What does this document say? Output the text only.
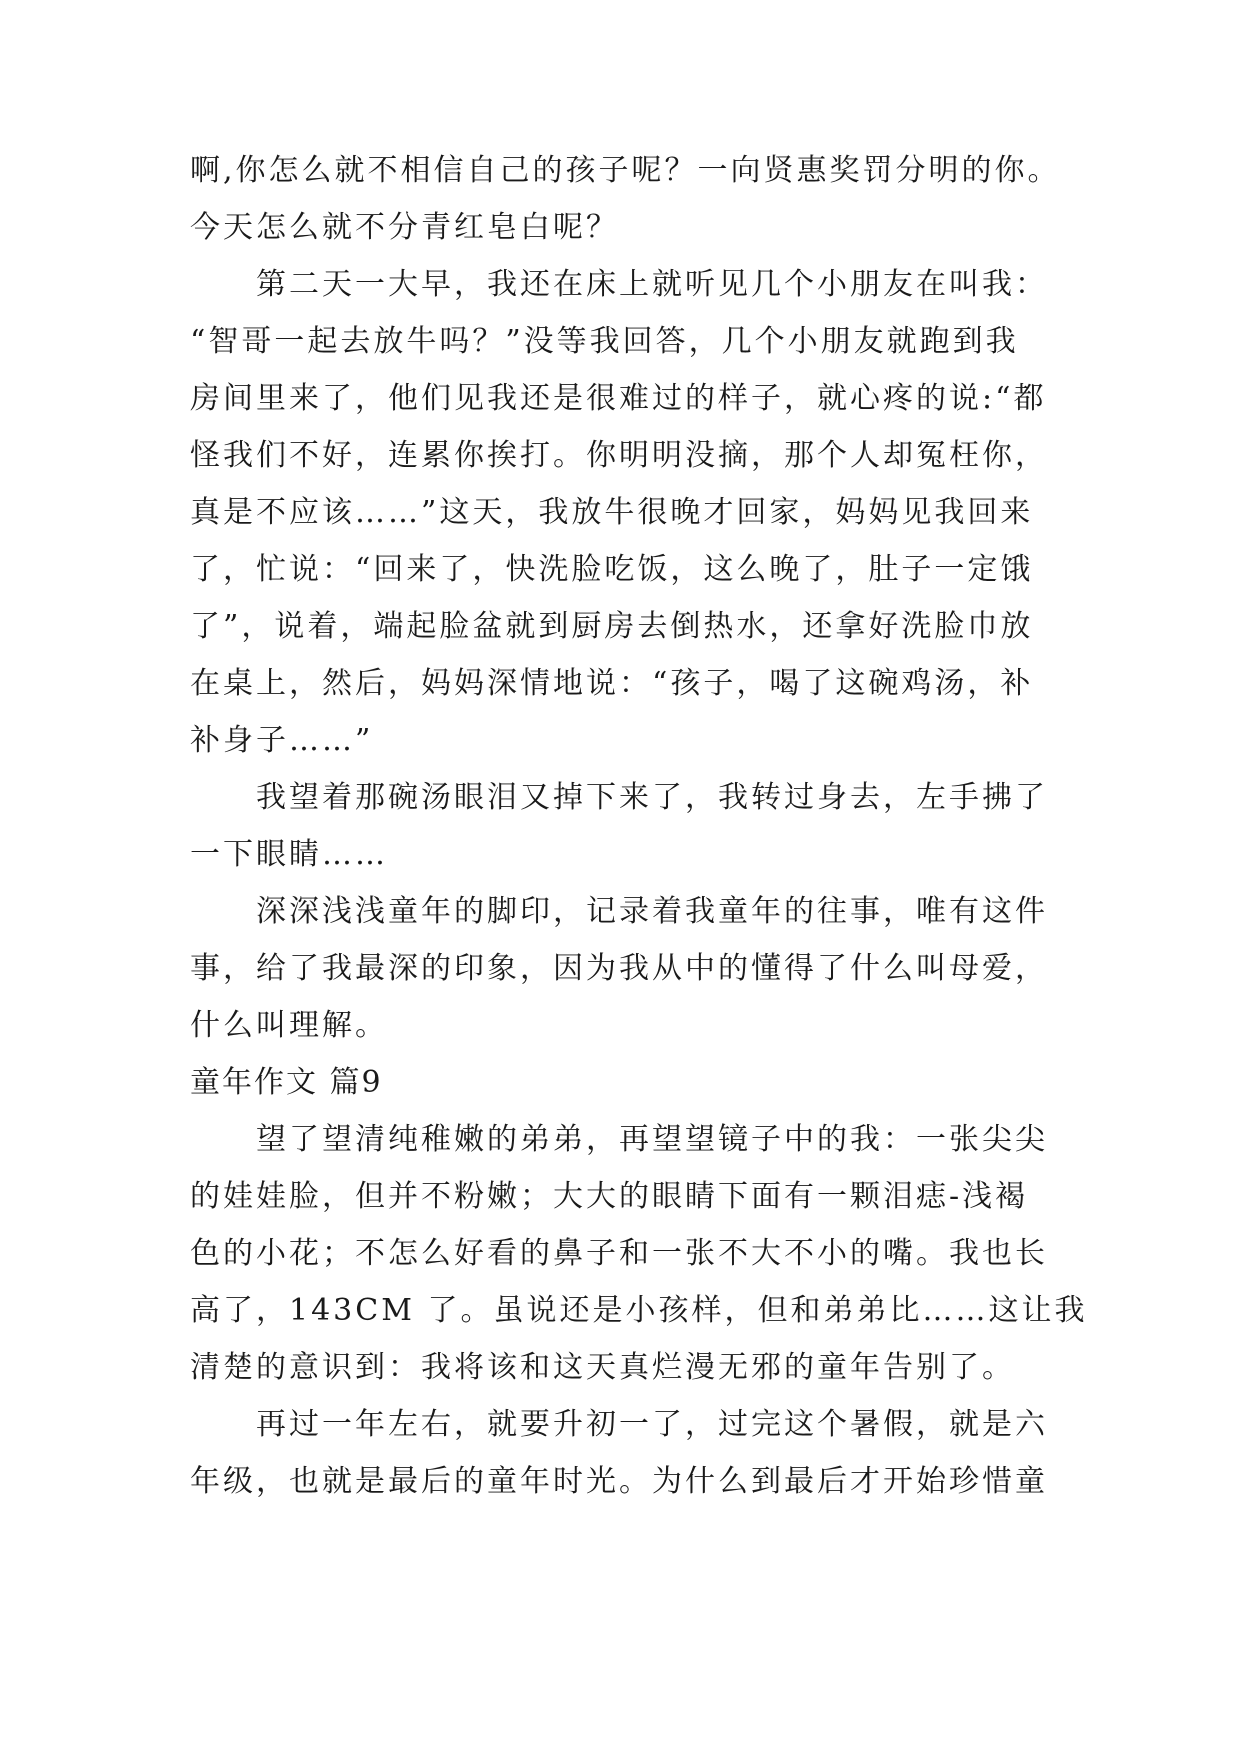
啊,你怎么就不相信自己的孩子呢？一向贤惠奖罚分明的你。
今天怎么就不分青红皂白呢？
第二天一大早，我还在床上就听见几个小朋友在叫我：
“智哥一起去放牛吗？”没等我回答，几个小朋友就跑到我
房间里来了，他们见我还是很难过的样子，就心疼的说:“都
怪我们不好，连累你挨打。你明明没摘，那个人却冤枉你，
真是不应该……”这天，我放牛很晚才回家，妈妈见我回来
了，忙说：“回来了，快洗脸吃饭，这么晚了，肚子一定饿
了”，说着，端起脸盆就到厨房去倒热水，还拿好洗脸巾放
在桌上，然后，妈妈深情地说：“孩子，喝了这碗鸡汤，补
补身子……”
我望着那碗汤眼泪又掉下来了，我转过身去，左手拂了
一下眼睛……
深深浅浅童年的脚印，记录着我童年的往事，唯有这件
事，给了我最深的印象，因为我从中的懂得了什么叫母爱，
什么叫理解。
童年作文 篇9
望了望清纯稚嫩的弟弟，再望望镜子中的我：一张尖尖
的娃娃脸，但并不粉嫩；大大的眼睛下面有一颗泪痣-浅褐
色的小花；不怎么好看的鼻子和一张不大不小的嘴。我也长
高了，143CM 了。虽说还是小孩样，但和弟弟比……这让我
清楚的意识到：我将该和这天真烂漫无邪的童年告别了。
再过一年左右，就要升初一了，过完这个暑假，就是六
年级，也就是最后的童年时光。为什么到最后才开始珍惜童
